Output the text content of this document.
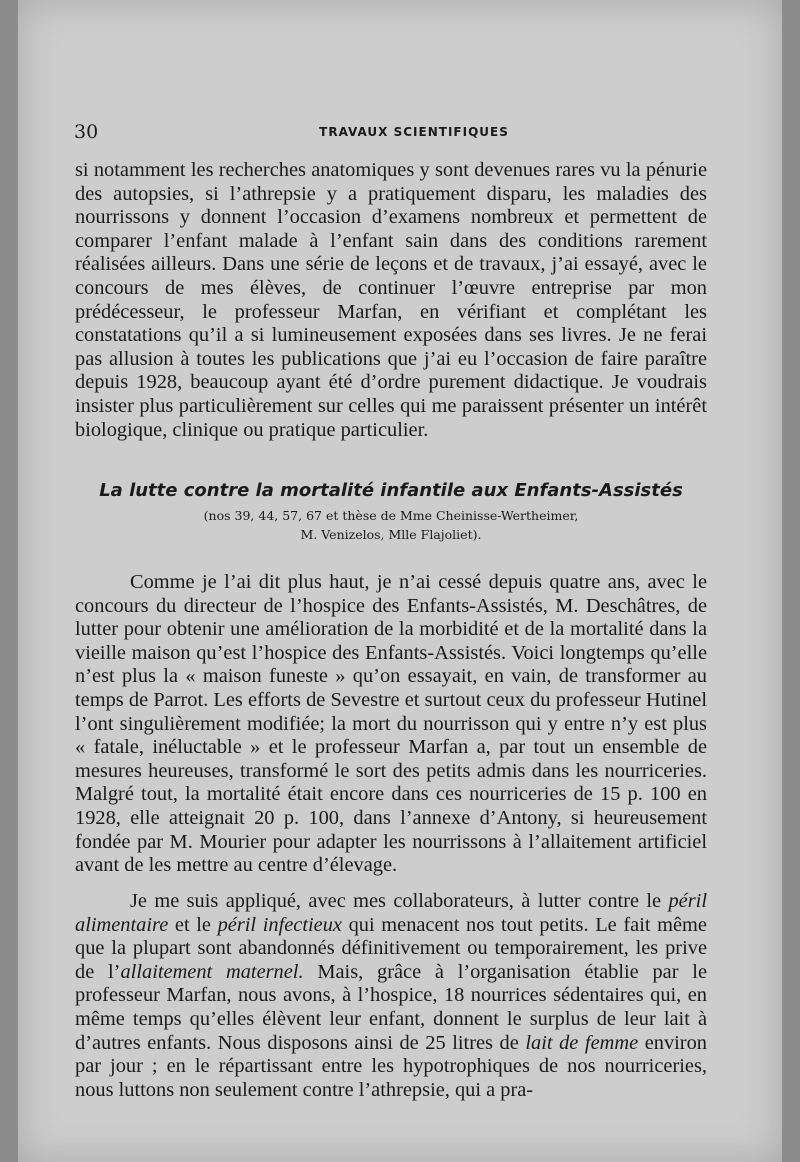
30	TRAVAUX SCIENTIFIQUES

si notamment les recherches anatomiques y sont devenues rares vu la pénurie des autopsies, si l’athrepsie y a pratiquement disparu, les maladies des nourrissons y donnent l’occasion d’examens nombreux et permettent de comparer l’enfant malade à l’enfant sain dans des conditions rarement réalisées ailleurs. Dans une série de leçons et de travaux, j’ai essayé, avec le concours de mes élèves, de continuer l’œuvre entreprise par mon prédécesseur, le professeur Marfan, en vérifiant et complétant les constatations qu’il a si lumineusement exposées dans ses livres. Je ne ferai pas allusion à toutes les publications que j’ai eu l’occasion de faire paraître depuis 1928, beaucoup ayant été d’ordre purement didactique. Je voudrais insister plus particulièrement sur celles qui me paraissent présenter un intérêt biologique, clinique ou pratique particulier.

La lutte contre la mortalité infantile aux Enfants-Assistés
(nos 39, 44, 57, 67 et thèse de Mme Cheinisse-Wertheimer,
M. Venizelos, Mlle Flajoliet).

Comme je l’ai dit plus haut, je n’ai cessé depuis quatre ans, avec le concours du directeur de l’hospice des Enfants-Assistés, M. Deschâtres, de lutter pour obtenir une amélioration de la morbidité et de la mortalité dans la vieille maison qu’est l’hospice des Enfants-Assistés. Voici longtemps qu’elle n’est plus la « maison funeste » qu’on essayait, en vain, de transformer au temps de Parrot. Les efforts de Sevestre et surtout ceux du professeur Hutinel l’ont singulièrement modifiée; la mort du nourrisson qui y entre n’y est plus « fatale, inéluctable » et le professeur Marfan a, par tout un ensemble de mesures heureuses, transformé le sort des petits admis dans les nourriceries. Malgré tout, la mortalité était encore dans ces nourriceries de 15 p. 100 en 1928, elle atteignait 20 p. 100, dans l’annexe d’Antony, si heureusement fondée par M. Mourier pour adapter les nourrissons à l’allaitement artificiel avant de les mettre au centre d’élevage.

Je me suis appliqué, avec mes collaborateurs, à lutter contre le péril alimentaire et le péril infectieux qui menacent nos tout petits. Le fait même que la plupart sont abandonnés définitivement ou temporairement, les prive de l’allaitement maternel. Mais, grâce à l’organisation établie par le professeur Marfan, nous avons, à l’hospice, 18 nourrices sédentaires qui, en même temps qu’elles élèvent leur enfant, donnent le surplus de leur lait à d’autres enfants. Nous disposons ainsi de 25 litres de lait de femme environ par jour ; en le répartissant entre les hypotrophiques de nos nourriceries, nous luttons non seulement contre l’athrepsie, qui a pra-
